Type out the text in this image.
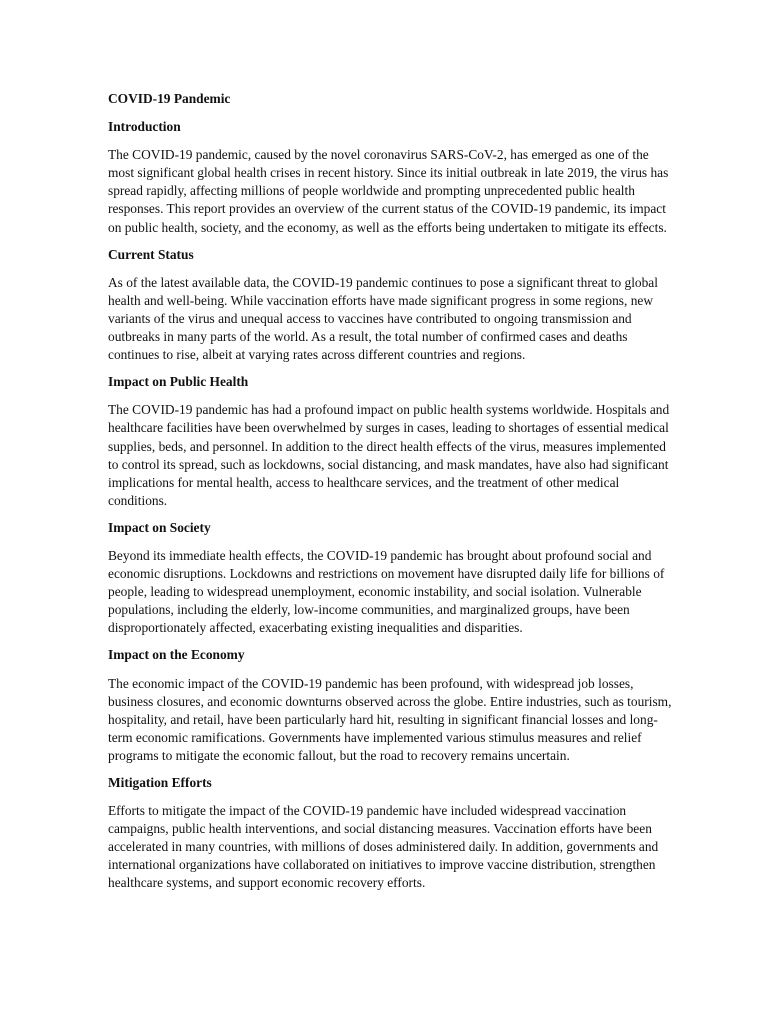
COVID-19 Pandemic

Introduction

The COVID-19 pandemic, caused by the novel coronavirus SARS-CoV-2, has emerged as one of the most significant global health crises in recent history. Since its initial outbreak in late 2019, the virus has spread rapidly, affecting millions of people worldwide and prompting unprecedented public health responses. This report provides an overview of the current status of the COVID-19 pandemic, its impact on public health, society, and the economy, as well as the efforts being undertaken to mitigate its effects.

Current Status

As of the latest available data, the COVID-19 pandemic continues to pose a significant threat to global health and well-being. While vaccination efforts have made significant progress in some regions, new variants of the virus and unequal access to vaccines have contributed to ongoing transmission and outbreaks in many parts of the world. As a result, the total number of confirmed cases and deaths continues to rise, albeit at varying rates across different countries and regions.

Impact on Public Health

The COVID-19 pandemic has had a profound impact on public health systems worldwide. Hospitals and healthcare facilities have been overwhelmed by surges in cases, leading to shortages of essential medical supplies, beds, and personnel. In addition to the direct health effects of the virus, measures implemented to control its spread, such as lockdowns, social distancing, and mask mandates, have also had significant implications for mental health, access to healthcare services, and the treatment of other medical conditions.

Impact on Society

Beyond its immediate health effects, the COVID-19 pandemic has brought about profound social and economic disruptions. Lockdowns and restrictions on movement have disrupted daily life for billions of people, leading to widespread unemployment, economic instability, and social isolation. Vulnerable populations, including the elderly, low-income communities, and marginalized groups, have been disproportionately affected, exacerbating existing inequalities and disparities.

Impact on the Economy

The economic impact of the COVID-19 pandemic has been profound, with widespread job losses, business closures, and economic downturns observed across the globe. Entire industries, such as tourism, hospitality, and retail, have been particularly hard hit, resulting in significant financial losses and long-term economic ramifications. Governments have implemented various stimulus measures and relief programs to mitigate the economic fallout, but the road to recovery remains uncertain.

Mitigation Efforts

Efforts to mitigate the impact of the COVID-19 pandemic have included widespread vaccination campaigns, public health interventions, and social distancing measures. Vaccination efforts have been accelerated in many countries, with millions of doses administered daily. In addition, governments and international organizations have collaborated on initiatives to improve vaccine distribution, strengthen healthcare systems, and support economic recovery efforts.
